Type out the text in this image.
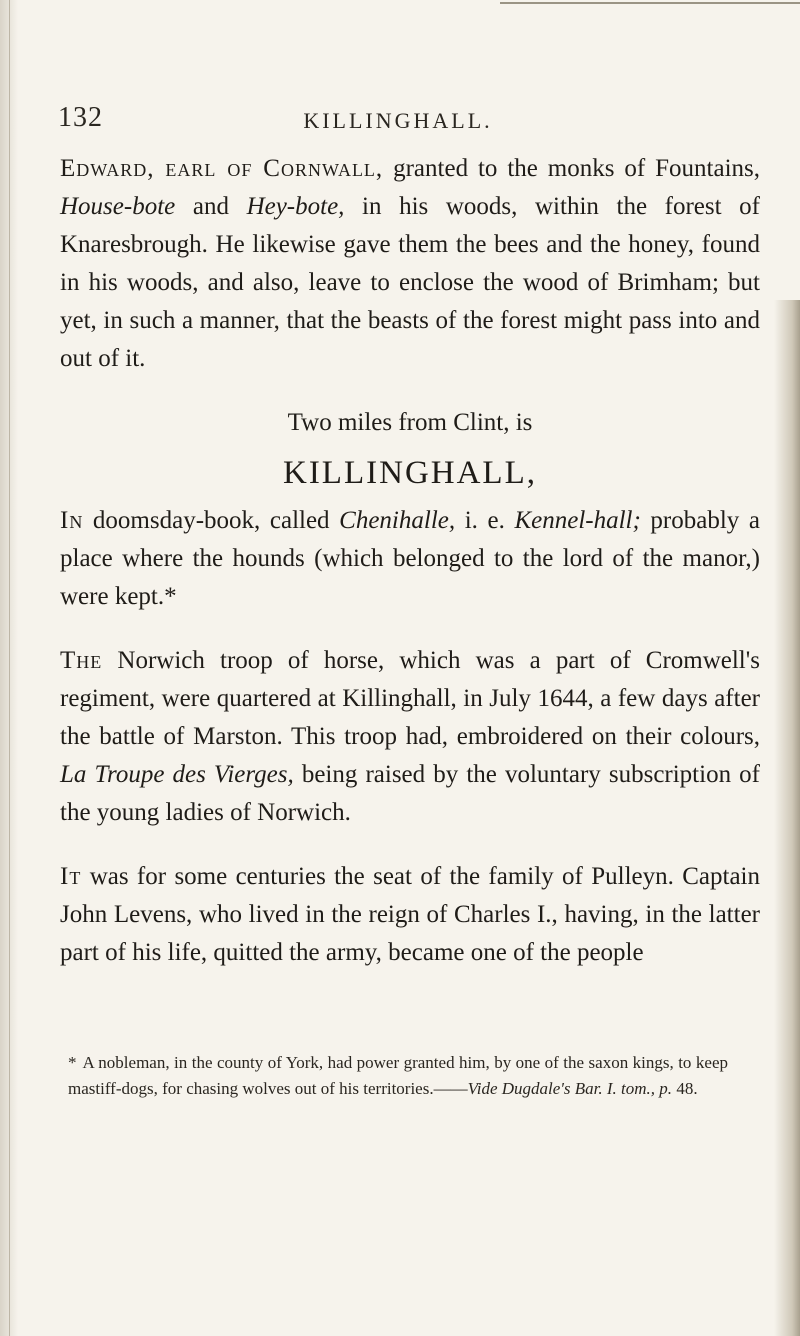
132	KILLINGHALL.

Edward, earl of Cornwall, granted to the monks of Fountains, House-bote and Hey-bote, in his woods, within the forest of Knaresbrough. He likewise gave them the bees and the honey, found in his woods, and also, leave to enclose the wood of Brimham; but yet, in such a manner, that the beasts of the forest might pass into and out of it.

Two miles from Clint, is

KILLINGHALL,

In doomsday-book, called Chenihalle, i. e. Kennel-hall; probably a place where the hounds (which belonged to the lord of the manor,) were kept.*

The Norwich troop of horse, which was a part of Cromwell's regiment, were quartered at Killinghall, in July 1644, a few days after the battle of Marston. This troop had, embroidered on their colours, La Troupe des Vierges, being raised by the voluntary subscription of the young ladies of Norwich.

It was for some centuries the seat of the family of Pulleyn. Captain John Levens, who lived in the reign of Charles I., having, in the latter part of his life, quitted the army, became one of the people

* A nobleman, in the county of York, had power granted him, by one of the saxon kings, to keep mastiff-dogs, for chasing wolves out of his territories.——Vide Dugdale's Bar. I. tom., p. 48.
